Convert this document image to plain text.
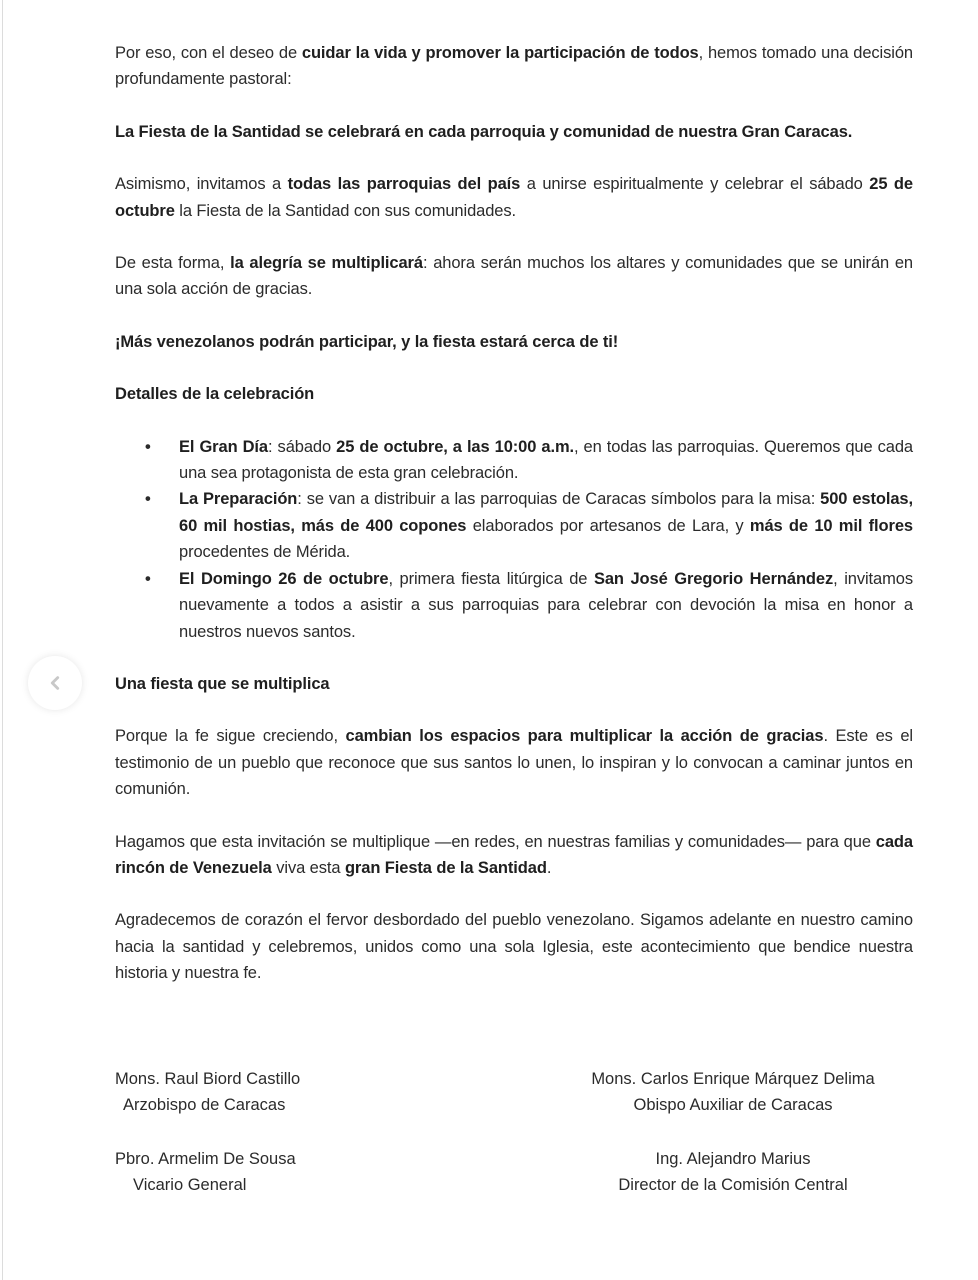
Por eso, con el deseo de cuidar la vida y promover la participación de todos, hemos tomado una decisión profundamente pastoral:

La Fiesta de la Santidad se celebrará en cada parroquia y comunidad de nuestra Gran Caracas.

Asimismo, invitamos a todas las parroquias del país a unirse espiritualmente y celebrar el sábado 25 de octubre la Fiesta de la Santidad con sus comunidades.

De esta forma, la alegría se multiplicará: ahora serán muchos los altares y comunidades que se unirán en una sola acción de gracias.

¡Más venezolanos podrán participar, y la fiesta estará cerca de ti!

Detalles de la celebración
• El Gran Día: sábado 25 de octubre, a las 10:00 a.m., en todas las parroquias. Queremos que cada una sea protagonista de esta gran celebración.
• La Preparación: se van a distribuir a las parroquias de Caracas símbolos para la misa: 500 estolas, 60 mil hostias, más de 400 copones elaborados por artesanos de Lara, y más de 10 mil flores procedentes de Mérida.
• El Domingo 26 de octubre, primera fiesta litúrgica de San José Gregorio Hernández, invitamos nuevamente a todos a asistir a sus parroquias para celebrar con devoción la misa en honor a nuestros nuevos santos.
Una fiesta que se multiplica

Porque la fe sigue creciendo, cambian los espacios para multiplicar la acción de gracias. Este es el testimonio de un pueblo que reconoce que sus santos lo unen, lo inspiran y lo convocan a caminar juntos en comunión.

Hagamos que esta invitación se multiplique —en redes, en nuestras familias y comunidades— para que cada rincón de Venezuela viva esta gran Fiesta de la Santidad.

Agradecemos de corazón el fervor desbordado del pueblo venezolano. Sigamos adelante en nuestro camino hacia la santidad y celebremos, unidos como una sola Iglesia, este acontecimiento que bendice nuestra historia y nuestra fe.

Mons. Raul Biord Castillo
Arzobispo de Caracas
Mons. Carlos Enrique Márquez Delima
Obispo Auxiliar de Caracas
Pbro. Armelim De Sousa
Vicario General
Ing. Alejandro Marius
Director de la Comisión Central
